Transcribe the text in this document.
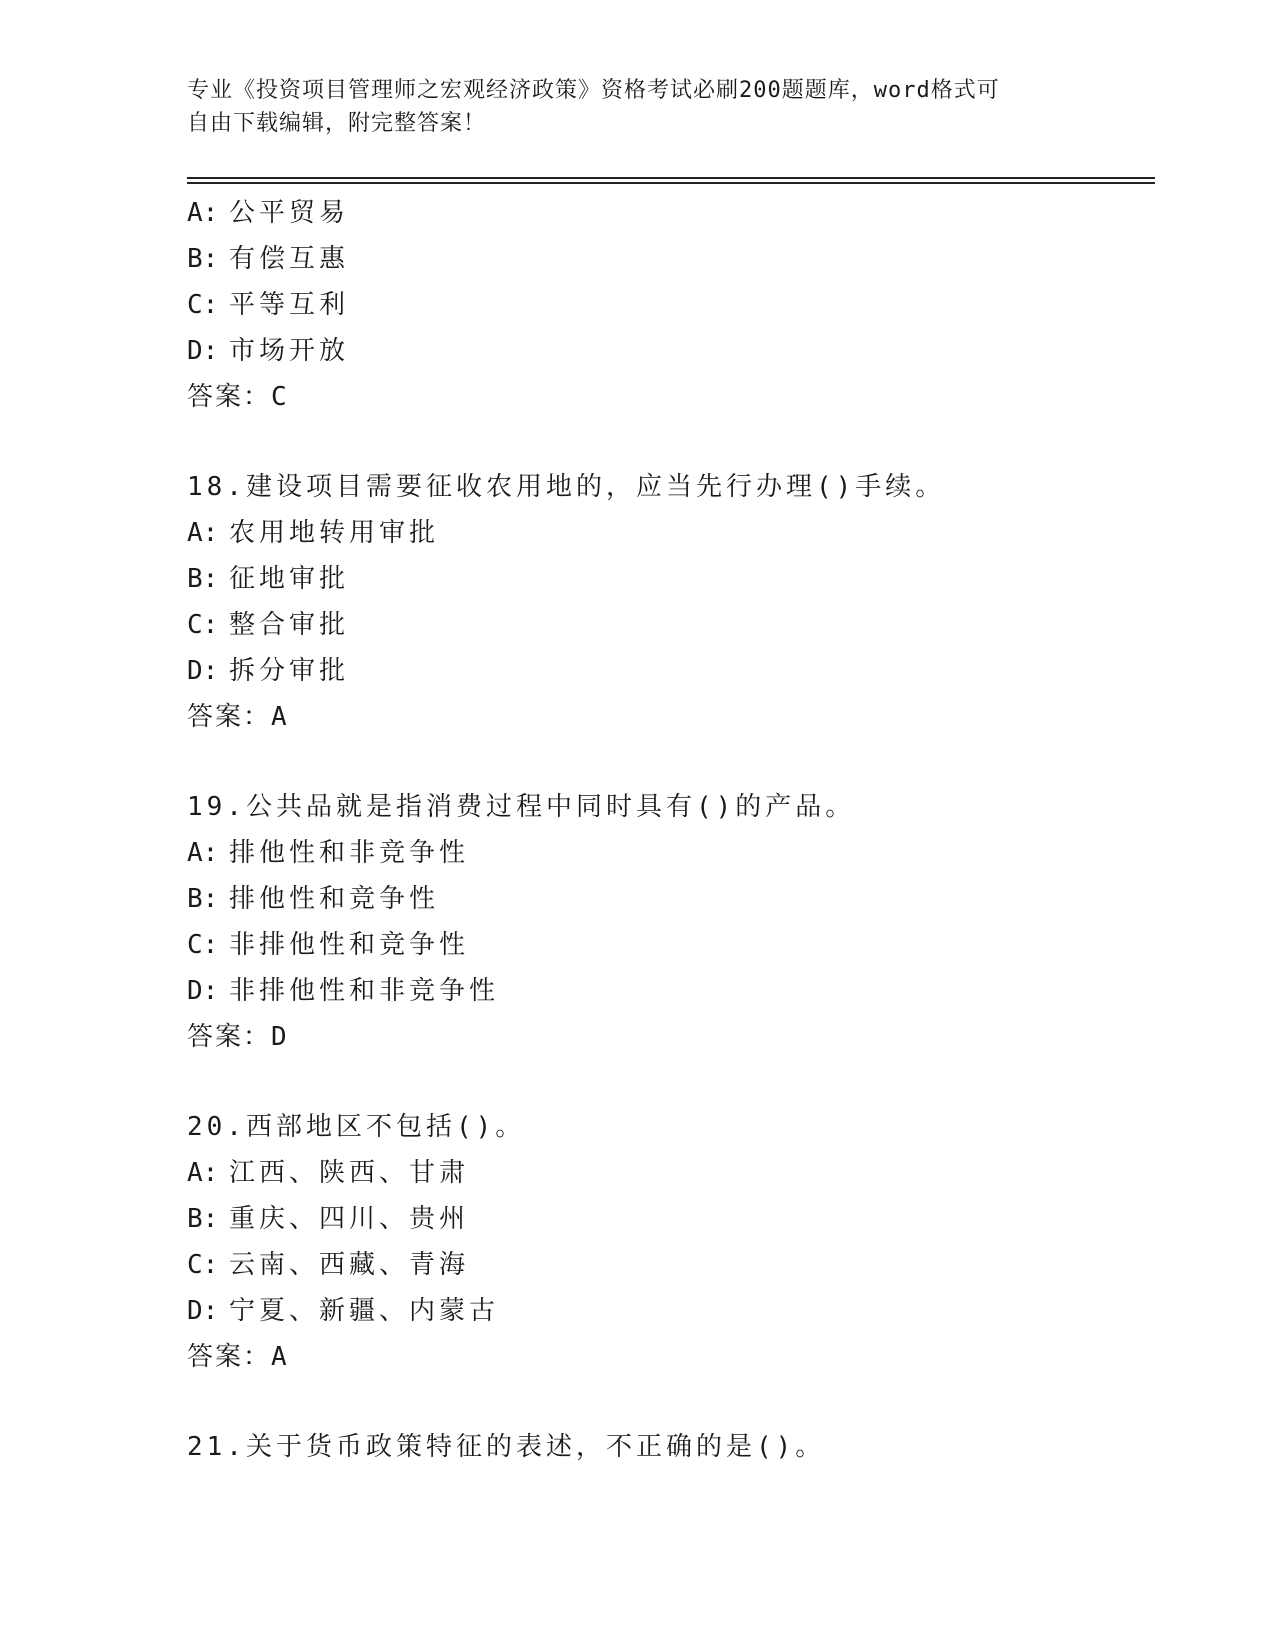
专业《投资项目管理师之宏观经济政策》资格考试必刷200题题库，word格式可
自由下载编辑，附完整答案！
A: 公平贸易
B: 有偿互惠
C: 平等互利
D: 市场开放
答案：C
18.建设项目需要征收农用地的，应当先行办理()手续。
A: 农用地转用审批
B: 征地审批
C: 整合审批
D: 拆分审批
答案：A
19.公共品就是指消费过程中同时具有()的产品。
A: 排他性和非竞争性
B: 排他性和竞争性
C: 非排他性和竞争性
D: 非排他性和非竞争性
答案：D
20.西部地区不包括()。
A: 江西、陕西、甘肃
B: 重庆、四川、贵州
C: 云南、西藏、青海
D: 宁夏、新疆、内蒙古
答案：A
21.关于货币政策特征的表述，不正确的是()。
